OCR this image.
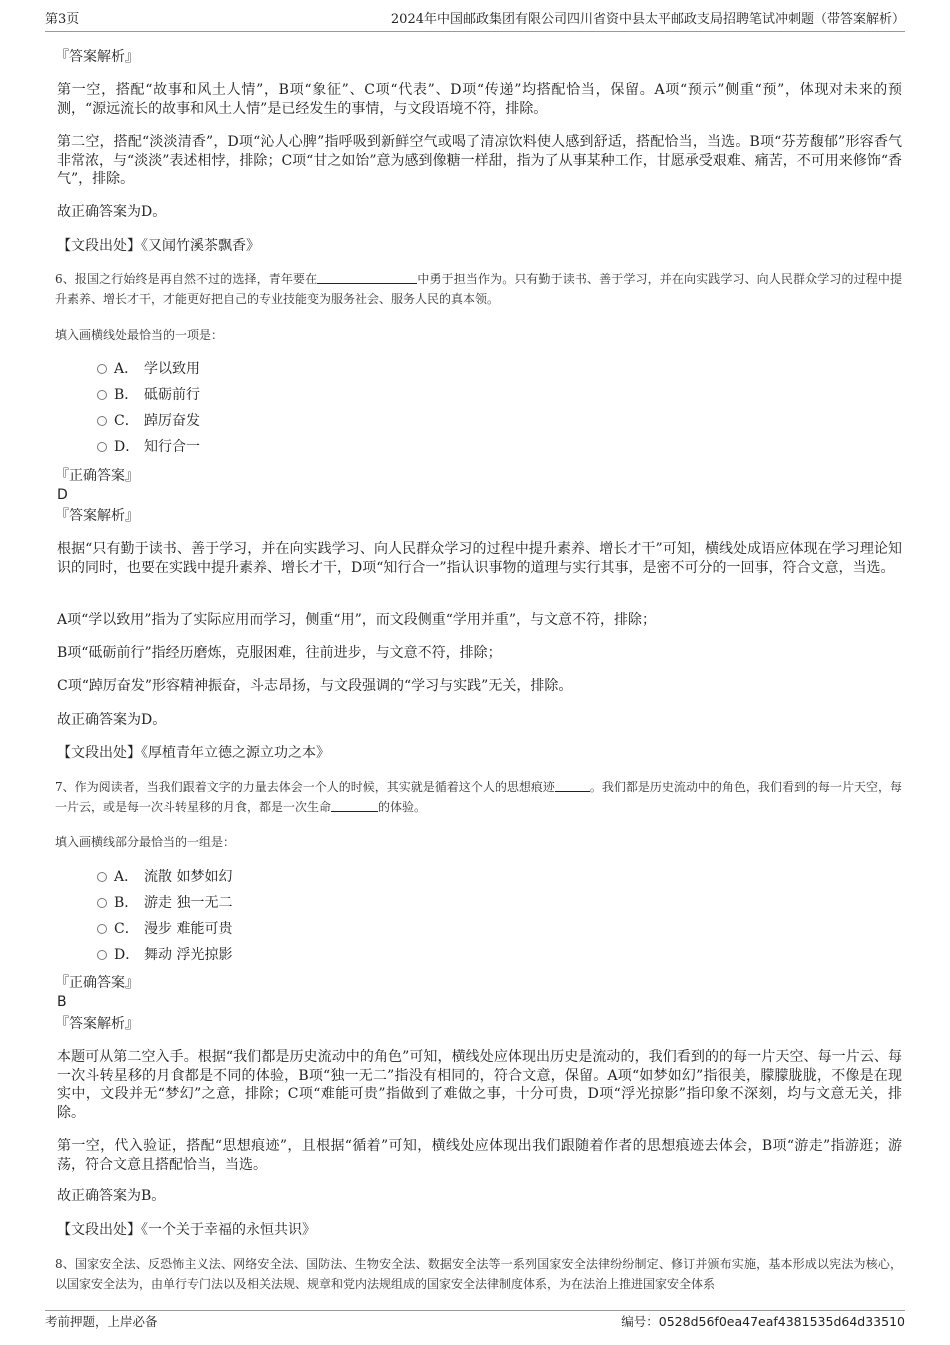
第3页	2024年中国邮政集团有限公司四川省资中县太平邮政支局招聘笔试冲刺题（带答案解析）
『答案解析』
第一空，搭配“故事和风土人情”，B项“象征”、C项“代表”、D项“传递”均搭配恰当，保留。A项“预示”侧重“预”，体现对未来的预测，“源远流长的故事和风土人情”是已经发生的事情，与文段语境不符，排除。
第二空，搭配“淡淡清香”，D项“沁人心脾”指呼吸到新鲜空气或喝了清凉饮料使人感到舒适，搭配恰当，当选。B项“芬芳馥郁”形容香气非常浓，与“淡淡”表述相悖，排除；C项“甘之如饴”意为感到像糖一样甜，指为了从事某种工作，甘愿承受艰难、痛苦，不可用来修饰“香气”，排除。
故正确答案为D。
【文段出处】《又闻竹溪茶飘香》
6、报国之行始终是再自然不过的选择，青年要在	中勇于担当作为。只有勤于读书、善于学习，并在向实践学习、向人民群众学习的过程中提升素养、增长才干，才能更好把自己的专业技能变为服务社会、服务人民的真本领。
填入画横线处最恰当的一项是：
A． 学以致用
B． 砥砺前行
C． 踔厉奋发
D． 知行合一
『正确答案』
D
『答案解析』
根据“只有勤于读书、善于学习，并在向实践学习、向人民群众学习的过程中提升素养、增长才干”可知，横线处成语应体现在学习理论知识的同时，也要在实践中提升素养、增长才干，D项“知行合一”指认识事物的道理与实行其事，是密不可分的一回事，符合文意，当选。
A项“学以致用”指为了实际应用而学习，侧重“用”，而文段侧重“学用并重”，与文意不符，排除；
B项“砥砺前行”指经历磨炼，克服困难，往前进步，与文意不符，排除；
C项“踔厉奋发”形容精神振奋，斗志昂扬，与文段强调的“学习与实践”无关，排除。
故正确答案为D。
【文段出处】《厚植青年立德之源立功之本》
7、作为阅读者，当我们跟着文字的力量去体会一个人的时候，其实就是循着这个人的思想痕迹	。我们都是历史流动中的角色，我们看到的每一片天空，每一片云，或是每一次斗转星移的月食，都是一次生命	的体验。
填入画横线部分最恰当的一组是：
A． 流散 如梦如幻
B． 游走 独一无二
C． 漫步 难能可贵
D． 舞动 浮光掠影
『正确答案』
B
『答案解析』
本题可从第二空入手。根据“我们都是历史流动中的角色”可知，横线处应体现出历史是流动的，我们看到的的每一片天空、每一片云、每一次斗转星移的月食都是不同的体验，B项“独一无二”指没有相同的，符合文意，保留。A项“如梦如幻”指很美，朦朦胧胧，不像是在现实中，文段并无“梦幻”之意，排除；C项“难能可贵”指做到了难做之事，十分可贵，D项“浮光掠影”指印象不深刻，均与文意无关，排除。
第一空，代入验证，搭配“思想痕迹”，且根据“循着”可知，横线处应体现出我们跟随着作者的思想痕迹去体会，B项“游走”指游逛；游荡，符合文意且搭配恰当，当选。
故正确答案为B。
【文段出处】《一个关于幸福的永恒共识》
8、国家安全法、反恐怖主义法、网络安全法、国防法、生物安全法、数据安全法等一系列国家安全法律纷纷制定、修订并颁布实施，基本形成以宪法为核心，以国家安全法为，由单行专门法以及相关法规、规章和党内法规组成的国家安全法律制度体系，为在法治上推进国家安全体系
考前押题，上岸必备	编号：0528d56f0ea47eaf4381535d64d33510
